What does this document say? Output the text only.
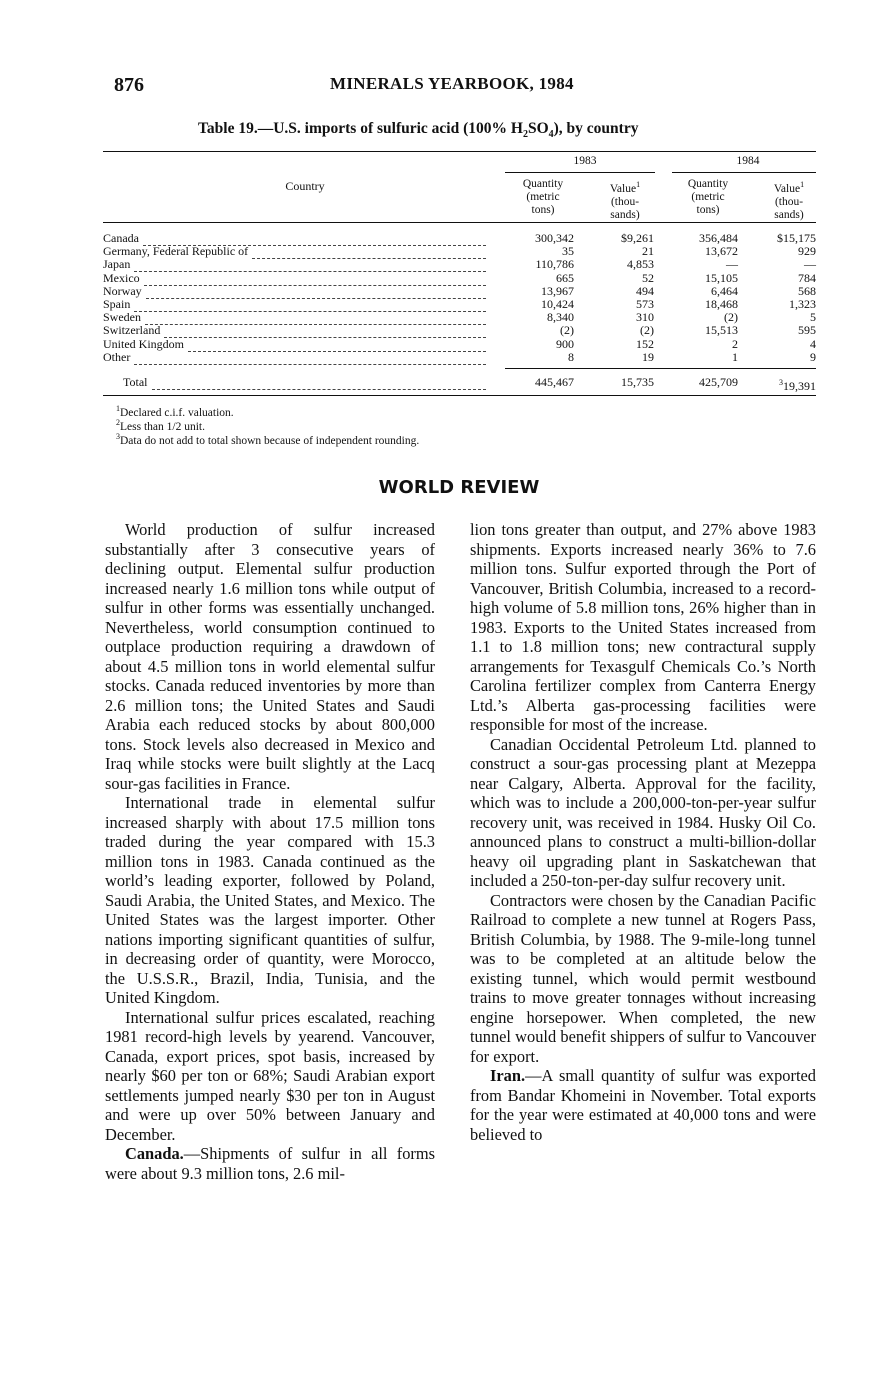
876	MINERALS YEARBOOK, 1984
Table 19.—U.S. imports of sulfuric acid (100% $H_2SO_4$), by country
Country
1983	1984
Quantity
(metric
tons)
Value$^1$
(thou-
sands)
Quantity
(metric
tons)
Value$^1$
(thou-
sands)
Canada	300,342	$9,261	356,484	$15,175
Germany, Federal Republic of	35	21	13,672	929
Japan	110,786	4,853	—	—
Mexico	665	52	15,105	784
Norway	13,967	494	6,464	568
Spain	10,424	573	18,468	1,323
Sweden	8,340	310	(2)	5
Switzerland	(2)	(2)	15,513	595
United Kingdom	900	152	2	4
Other	8	19	1	9
Total	445,467	15,735	425,709	$^3$19,391
$^1$Declared c.i.f. valuation.
$^2$Less than 1/2 unit.
$^3$Data do not add to total shown because of independent rounding.
WORLD REVIEW

World production of sulfur increased substantially after 3 consecutive years of declining output. Elemental sulfur production increased nearly 1.6 million tons while output of sulfur in other forms was essentially unchanged. Nevertheless, world consumption continued to outplace production requiring a drawdown of about 4.5 million tons in world elemental sulfur stocks. Canada reduced inventories by more than 2.6 million tons; the United States and Saudi Arabia each reduced stocks by about 800,000 tons. Stock levels also decreased in Mexico and Iraq while stocks were built slightly at the Lacq sour-gas facilities in France.

International trade in elemental sulfur increased sharply with about 17.5 million tons traded during the year compared with 15.3 million tons in 1983. Canada continued as the world’s leading exporter, followed by Poland, Saudi Arabia, the United States, and Mexico. The United States was the largest importer. Other nations importing significant quantities of sulfur, in decreasing order of quantity, were Morocco, the U.S.S.R., Brazil, India, Tunisia, and the United Kingdom.

International sulfur prices escalated, reaching 1981 record-high levels by yearend. Vancouver, Canada, export prices, spot basis, increased by nearly $60 per ton or 68%; Saudi Arabian export settlements jumped nearly $30 per ton in August and were up over 50% between January and December.

Canada.—Shipments of sulfur in all forms were about 9.3 million tons, 2.6 mil-

lion tons greater than output, and 27% above 1983 shipments. Exports increased nearly 36% to 7.6 million tons. Sulfur exported through the Port of Vancouver, British Columbia, increased to a record-high volume of 5.8 million tons, 26% higher than in 1983. Exports to the United States increased from 1.1 to 1.8 million tons; new contractural supply arrangements for Texasgulf Chemicals Co.’s North Carolina fertilizer complex from Canterra Energy Ltd.’s Alberta gas-processing facilities were responsible for most of the increase.

Canadian Occidental Petroleum Ltd. planned to construct a sour-gas processing plant at Mezeppa near Calgary, Alberta. Approval for the facility, which was to include a 200,000-ton-per-year sulfur recovery unit, was received in 1984. Husky Oil Co. announced plans to construct a multi-billion-dollar heavy oil upgrading plant in Saskatchewan that included a 250-ton-per-day sulfur recovery unit.

Contractors were chosen by the Canadian Pacific Railroad to complete a new tunnel at Rogers Pass, British Columbia, by 1988. The 9-mile-long tunnel was to be completed at an altitude below the existing tunnel, which would permit westbound trains to move greater tonnages without increasing engine horsepower. When completed, the new tunnel would benefit shippers of sulfur to Vancouver for export.

Iran.—A small quantity of sulfur was exported from Bandar Khomeini in November. Total exports for the year were estimated at 40,000 tons and were believed to
